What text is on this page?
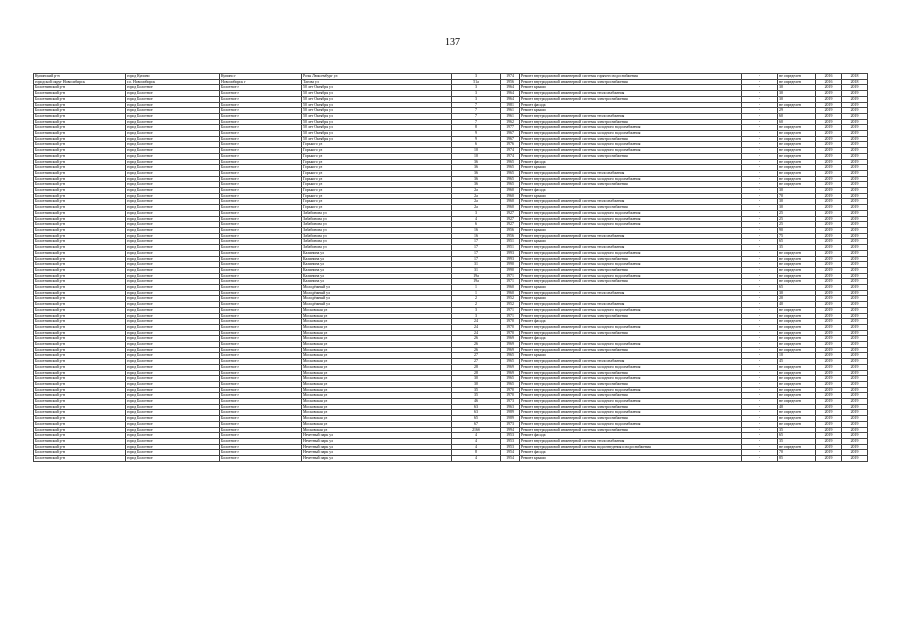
137
Купинский р-н	город Купино	Купино г	Розы Люксембург ул	3	1974	Ремонт внутридомовой инженерной системы горячего водоснабжения	-	не определен	2016	2018
городской округ Новосибирск	г.о. Новосибирск	Новосибирск г	Тагова ул	51а	1956	Ремонт внутридомовой инженерной системы электроснабжения	-	не определен	2016	2018
Болотнинский р-н	город Болотное	Болотное г	50 лет Октября ул	3	1964	Ремонт крыши	-	30	2019	2019
Болотнинский р-н	город Болотное	Болотное г	50 лет Октября ул	3	1964	Ремонт внутридомовой инженерной системы теплоснабжения	-	30	2019	2019
Болотнинский р-н	город Болотное	Болотное г	50 лет Октября ул	3	1964	Ремонт внутридомовой инженерной системы электроснабжения	-	30	2019	2019
Болотнинский р-н	город Болотное	Болотное г	50 лет Октября ул	7	1981	Ремонт фасада	-	не определен	2019	2019
Болотнинский р-н	город Болотное	Болотное г	50 лет Октября ул	7	1961	Ремонт крыши	-	29	2019	2019
Болотнинский р-н	город Болотное	Болотное г	50 лет Октября ул	7	1961	Ремонт внутридомовой инженерной системы теплоснабжения	-	60	2019	2019
Болотнинский р-н	город Болотное	Болотное г	50 лет Октября ул	7	1962	Ремонт внутридомовой инженерной системы электроснабжения	-	60	2019	2019
Болотнинский р-н	город Болотное	Болотное г	50 лет Октября ул	8	1977	Ремонт внутридомовой инженерной системы холодного водоснабжения	-	не определен	2019	2019
Болотнинский р-н	город Болотное	Болотное г	50 лет Октября ул	9	1967	Ремонт внутридомовой инженерной системы холодного водоснабжения	-	не определен	2019	2019
Болотнинский р-н	город Болотное	Болотное г	50 лет Октября ул	9	1967	Ремонт внутридомовой инженерной системы электроснабжения	-	не определен	2019	2019
Болотнинский р-н	город Болотное	Болотное г	Горького ул	6	1976	Ремонт внутридомовой инженерной системы холодного водоснабжения	-	не определен	2019	2019
Болотнинский р-н	город Болотное	Болотное г	Горького ул	10	1974	Ремонт внутридомовой инженерной системы холодного водоснабжения	-	не определен	2019	2019
Болотнинский р-н	город Болотное	Болотное г	Горького ул	10	1974	Ремонт внутридомовой инженерной системы электроснабжения	-	не определен	2019	2019
Болотнинский р-н	город Болотное	Болотное г	Горького ул	36	1965	Ремонт фасада	-	не определен	2019	2019
Болотнинский р-н	город Болотное	Болотное г	Горького ул	36	1965	Ремонт крыши	-	не определен	2019	2019
Болотнинский р-н	город Болотное	Болотное г	Горького ул	36	1965	Ремонт внутридомовой инженерной системы теплоснабжения	-	не определен	2019	2019
Болотнинский р-н	город Болотное	Болотное г	Горького ул	36	1965	Ремонт внутридомовой инженерной системы холодного водоснабжения	-	не определен	2019	2019
Болотнинский р-н	город Болотное	Болотное г	Горького ул	36	1965	Ремонт внутридомовой инженерной системы электроснабжения	-	не определен	2019	2019
Болотнинский р-н	город Болотное	Болотное г	Горького ул	2а	1960	Ремонт фасада	-	30	2019	2019
Болотнинский р-н	город Болотное	Болотное г	Горького ул	2а	1960	Ремонт крыши	-	70	2019	2019
Болотнинский р-н	город Болотное	Болотное г	Горького ул	2а	1960	Ремонт внутридомовой инженерной системы теплоснабжения	-	30	2019	2019
Болотнинский р-н	город Болотное	Болотное г	Горького ул	2а	1960	Ремонт внутридомовой инженерной системы электроснабжения	-	30	2019	2019
Болотнинский р-н	город Болотное	Болотное г	Забабонова ул	3	1927	Ремонт внутридомовой инженерной системы холодного водоснабжения	-	25	2019	2019
Болотнинский р-н	город Болотное	Болотное г	Забабонова ул	4	1927	Ремонт внутридомовой инженерной системы холодного водоснабжения	-	25	2019	2019
Болотнинский р-н	город Болотное	Болотное г	Забабонова ул	6	1927	Ремонт внутридомовой инженерной системы холодного водоснабжения	-	25	2019	2019
Болотнинский р-н	город Болотное	Болотное г	Забабонова ул	16	1956	Ремонт крыши	-	90	2019	2019
Болотнинский р-н	город Болотное	Болотное г	Забабонова ул	16	1956	Ремонт внутридомовой инженерной системы теплоснабжения	-	75	2019	2019
Болотнинский р-н	город Болотное	Болотное г	Забабонова ул	17	1951	Ремонт крыши	-	65	2019	2019
Болотнинский р-н	город Болотное	Болотное г	Забабонова ул	17	1951	Ремонт внутридомовой инженерной системы теплоснабжения	-	35	2019	2019
Болотнинский р-н	город Болотное	Болотное г	Калинина ул	17	1993	Ремонт внутридомовой инженерной системы холодного водоснабжения	-	не определен	2019	2019
Болотнинский р-н	город Болотное	Болотное г	Калинина ул	17	1993	Ремонт внутридомовой инженерной системы электроснабжения	-	не определен	2019	2019
Болотнинский р-н	город Болотное	Болотное г	Калинина ул	31	1990	Ремонт внутридомовой инженерной системы холодного водоснабжения	-	не определен	2019	2019
Болотнинский р-н	город Болотное	Болотное г	Калинина ул	31	1990	Ремонт внутридомовой инженерной системы электроснабжения	-	не определен	2019	2019
Болотнинский р-н	город Болотное	Болотное г	Калинина ул	19а	1971	Ремонт внутридомовой инженерной системы холодного водоснабжения	-	не определен	2019	2019
Болотнинский р-н	город Болотное	Болотное г	Калинина ул	19а	1971	Ремонт внутридомовой инженерной системы электроснабжения	-	не определен	2019	2019
Болотнинский р-н	город Болотное	Болотное г	Молодёжный ул	1	1960	Ремонт крыши	-	65	2019	2019
Болотнинский р-н	город Болотное	Болотное г	Молодёжный ул	1	1960	Ремонт внутридомовой инженерной системы теплоснабжения	-	30	2019	2019
Болотнинский р-н	город Болотное	Болотное г	Молодёжный ул	2	1952	Ремонт крыши	-	20	2019	2019
Болотнинский р-н	город Болотное	Болотное г	Молодёжный ул	2	1952	Ремонт внутридомовой инженерной системы теплоснабжения	-	40	2019	2019
Болотнинский р-н	город Болотное	Болотное г	Московская ул	3	1971	Ремонт внутридомовой инженерной системы холодного водоснабжения	-	не определен	2019	2019
Болотнинский р-н	город Болотное	Болотное г	Московская ул	3	1971	Ремонт внутридомовой инженерной системы электроснабжения	-	не определен	2019	2019
Болотнинский р-н	город Болотное	Болотное г	Московская ул	24	1970	Ремонт фасада	-	не определен	2019	2019
Болотнинский р-н	город Болотное	Болотное г	Московская ул	24	1970	Ремонт внутридомовой инженерной системы холодного водоснабжения	-	не определен	2019	2019
Болотнинский р-н	город Болотное	Болотное г	Московская ул	24	1970	Ремонт внутридомовой инженерной системы электроснабжения	-	не определен	2019	2019
Болотнинский р-н	город Болотное	Болотное г	Московская ул	26	1969	Ремонт фасада	-	не определен	2019	2019
Болотнинский р-н	город Болотное	Болотное г	Московская ул	26	1969	Ремонт внутридомовой инженерной системы холодного водоснабжения	-	не определен	2019	2019
Болотнинский р-н	город Болотное	Болотное г	Московская ул	26	1969	Ремонт внутридомовой инженерной системы электроснабжения	-	не определен	2019	2019
Болотнинский р-н	город Болотное	Болотное г	Московская ул	27	1965	Ремонт крыши	-	10	2019	2019
Болотнинский р-н	город Болотное	Болотное г	Московская ул	27	1965	Ремонт внутридомовой инженерной системы теплоснабжения	-	45	2019	2019
Болотнинский р-н	город Болотное	Болотное г	Московская ул	28	1969	Ремонт внутридомовой инженерной системы холодного водоснабжения	-	не определен	2019	2019
Болотнинский р-н	город Болотное	Болотное г	Московская ул	28	1969	Ремонт внутридомовой инженерной системы электроснабжения	-	не определен	2019	2019
Болотнинский р-н	город Болотное	Болотное г	Московская ул	30	1965	Ремонт внутридомовой инженерной системы холодного водоснабжения	-	не определен	2019	2019
Болотнинский р-н	город Болотное	Болотное г	Московская ул	30	1965	Ремонт внутридомовой инженерной системы электроснабжения	-	не определен	2019	2019
Болотнинский р-н	город Болотное	Болотное г	Московская ул	35	1970	Ремонт внутридомовой инженерной системы холодного водоснабжения	-	не определен	2019	2019
Болотнинский р-н	город Болотное	Болотное г	Московская ул	35	1970	Ремонт внутридомовой инженерной системы электроснабжения	-	не определен	2019	2019
Болотнинский р-н	город Болотное	Болотное г	Московская ул	46	1973	Ремонт внутридомовой инженерной системы холодного водоснабжения	-	не определен	2019	2019
Болотнинский р-н	город Болотное	Болотное г	Московская ул	63	1963	Ремонт внутридомовой инженерной системы электроснабжения	-	40	2019	2019
Болотнинский р-н	город Болотное	Болотное г	Московская ул	63	1989	Ремонт внутридомовой инженерной системы холодного водоснабжения	-	не определен	2019	2019
Болотнинский р-н	город Болотное	Болотное г	Московская ул	65	1989	Ремонт внутридомовой инженерной системы электроснабжения	-	не определен	2019	2019
Болотнинский р-н	город Болотное	Болотное г	Московская ул	67	1973	Ремонт внутридомовой инженерной системы холодного водоснабжения	-	не определен	2019	2019
Болотнинский р-н	город Болотное	Болотное г	Московская ул	216б	1994	Ремонт внутридомовой инженерной системы электроснабжения	-	35	2019	2019
Болотнинский р-н	город Болотное	Болотное г	Нечетный парк ул	4	1953	Ремонт фасада	-	65	2019	2019
Болотнинский р-н	город Болотное	Болотное г	Нечетный парк ул	4	1953	Ремонт внутридомовой инженерной системы теплоснабжения	-	35	2019	2019
Болотнинский р-н	город Болотное	Болотное г	Нечетный парк ул	4	1953	Ремонт внутридомовой инженерной системы водоотведения и водоснабжения	-	не определен	2019	2019
Болотнинский р-н	город Болотное	Болотное г	Нечетный парк ул	8	1954	Ремонт фасада	-	70	2019	2019
Болотнинский р-н	город Болотное	Болотное г	Нечетный парк ул	4	1954	Ремонт крыши	-	85	2019	2019
